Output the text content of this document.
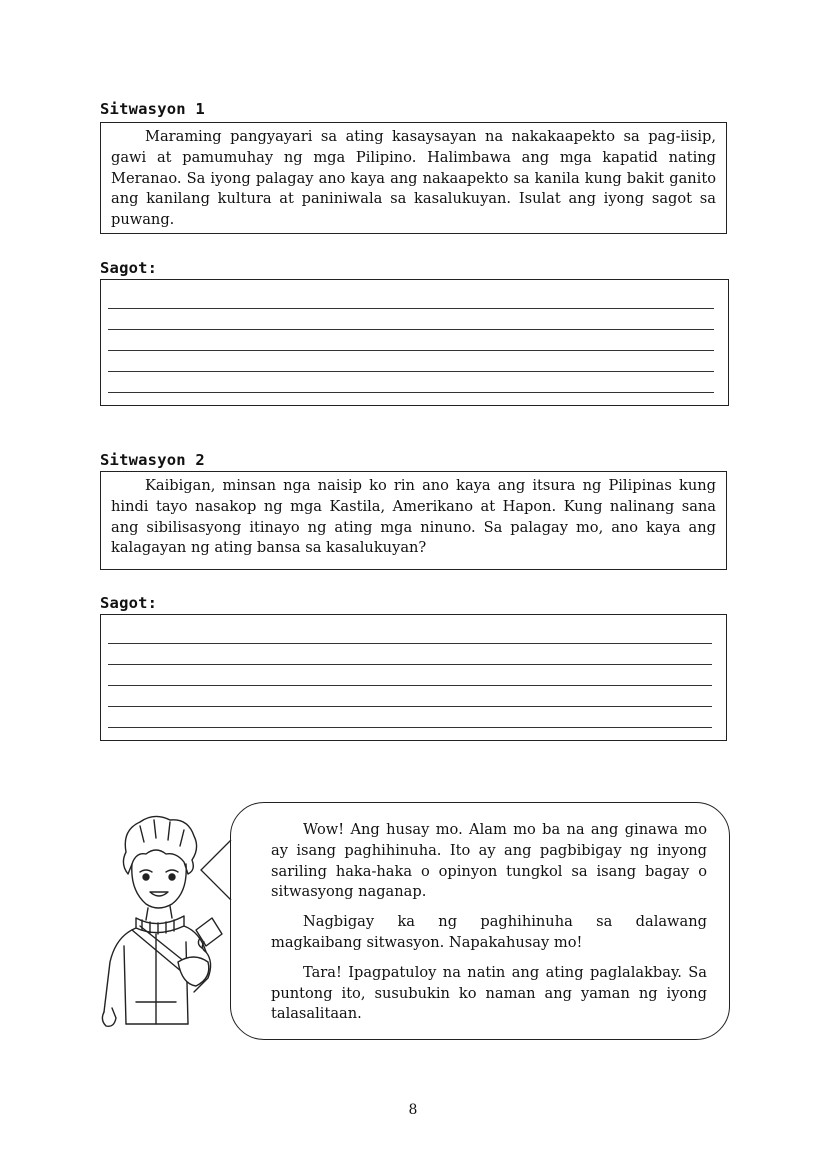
Sitwasyon 1

Maraming pangyayari sa ating kasaysayan na nakakaapekto sa pag-iisip, gawi at pamumuhay ng mga Pilipino. Halimbawa ang mga kapatid nating Meranao. Sa iyong palagay ano kaya ang nakaapekto sa kanila kung bakit ganito ang kanilang kultura at paniniwala sa kasalukuyan. Isulat ang iyong sagot sa puwang.

Sagot:
Sitwasyon 2

Kaibigan, minsan nga naisip ko rin ano kaya ang itsura ng Pilipinas kung hindi tayo nasakop ng mga Kastila, Amerikano at Hapon. Kung nalinang sana ang sibilisasyong itinayo ng ating mga ninuno. Sa palagay mo, ano kaya ang kalagayan ng ating bansa sa kasalukuyan?

Sagot:

Wow! Ang husay mo. Alam mo ba na ang ginawa mo ay isang paghihinuha. Ito ay ang pagbibigay ng inyong sariling haka-haka o opinyon tungkol sa isang bagay o sitwasyong naganap.

Nagbigay ka ng paghihinuha sa dalawang magkaibang sitwasyon. Napakahusay mo!

Tara! Ipagpatuloy na natin ang ating paglalakbay. Sa puntong ito, susubukin ko naman ang yaman ng iyong talasalitaan.

8
